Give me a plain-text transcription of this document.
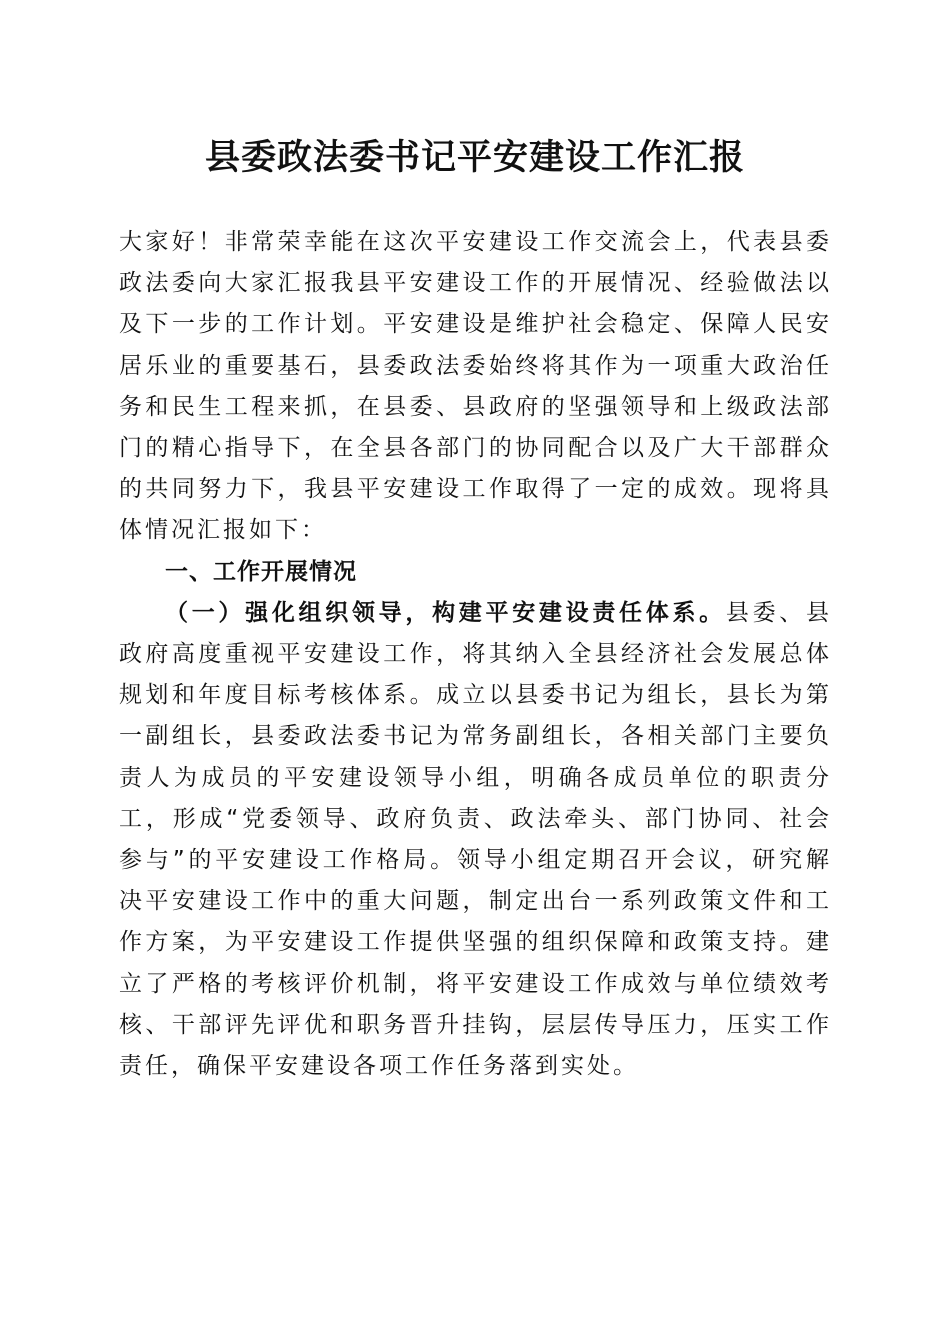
县委政法委书记平安建设工作汇报

大家好！非常荣幸能在这次平安建设工作交流会上，代表县委政法委向大家汇报我县平安建设工作的开展情况、经验做法以及下一步的工作计划。平安建设是维护社会稳定、保障人民安居乐业的重要基石，县委政法委始终将其作为一项重大政治任务和民生工程来抓，在县委、县政府的坚强领导和上级政法部门的精心指导下，在全县各部门的协同配合以及广大干部群众的共同努力下，我县平安建设工作取得了一定的成效。现将具体情况汇报如下：

一、工作开展情况

（一）强化组织领导，构建平安建设责任体系。县委、县政府高度重视平安建设工作，将其纳入全县经济社会发展总体规划和年度目标考核体系。成立以县委书记为组长，县长为第一副组长，县委政法委书记为常务副组长，各相关部门主要负责人为成员的平安建设领导小组，明确各成员单位的职责分工，形成“党委领导、政府负责、政法牵头、部门协同、社会参与”的平安建设工作格局。领导小组定期召开会议，研究解决平安建设工作中的重大问题，制定出台一系列政策文件和工作方案，为平安建设工作提供坚强的组织保障和政策支持。建立了严格的考核评价机制，将平安建设工作成效与单位绩效考核、干部评先评优和职务晋升挂钩，层层传导压力，压实工作责任，确保平安建设各项工作任务落到实处。
